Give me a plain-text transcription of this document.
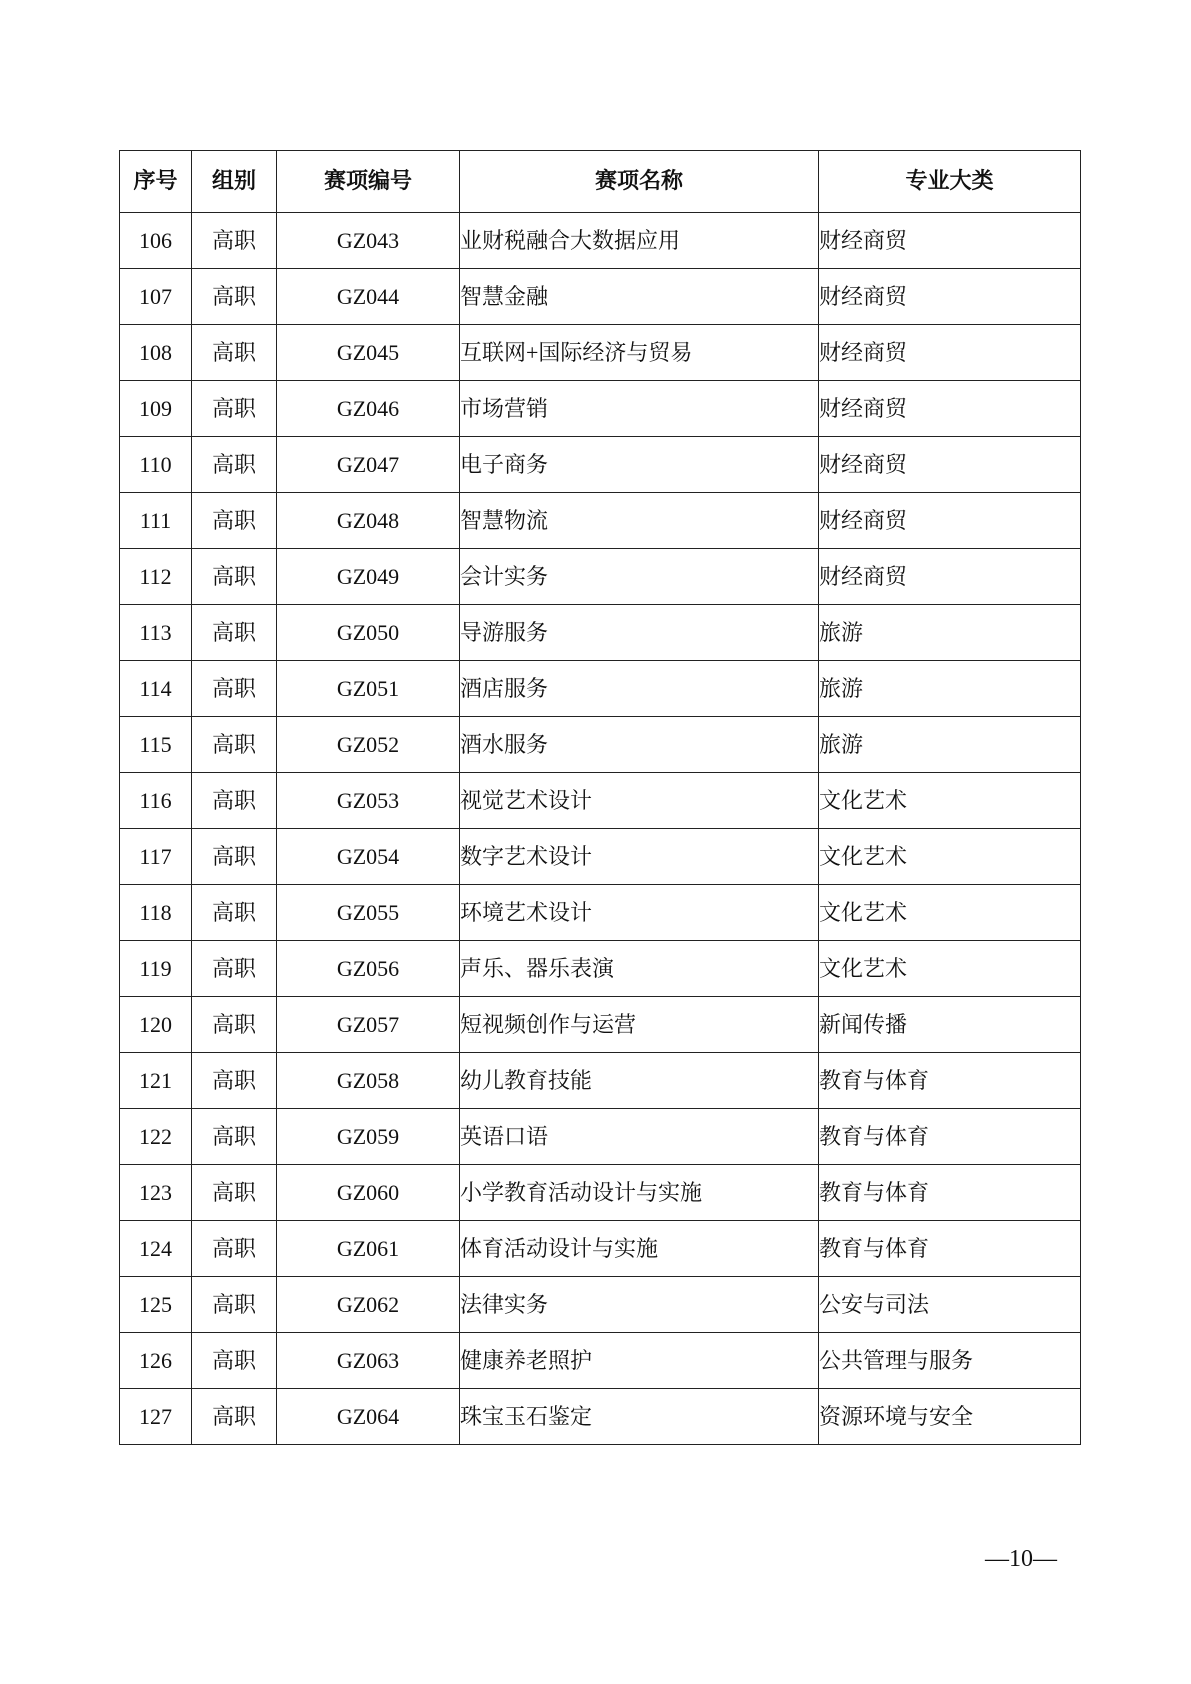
序号	组别	赛项编号	赛项名称	专业大类
106	高职	GZ043	业财税融合大数据应用	财经商贸
107	高职	GZ044	智慧金融	财经商贸
108	高职	GZ045	互联网+国际经济与贸易	财经商贸
109	高职	GZ046	市场营销	财经商贸
110	高职	GZ047	电子商务	财经商贸
111	高职	GZ048	智慧物流	财经商贸
112	高职	GZ049	会计实务	财经商贸
113	高职	GZ050	导游服务	旅游
114	高职	GZ051	酒店服务	旅游
115	高职	GZ052	酒水服务	旅游
116	高职	GZ053	视觉艺术设计	文化艺术
117	高职	GZ054	数字艺术设计	文化艺术
118	高职	GZ055	环境艺术设计	文化艺术
119	高职	GZ056	声乐、器乐表演	文化艺术
120	高职	GZ057	短视频创作与运营	新闻传播
121	高职	GZ058	幼儿教育技能	教育与体育
122	高职	GZ059	英语口语	教育与体育
123	高职	GZ060	小学教育活动设计与实施	教育与体育
124	高职	GZ061	体育活动设计与实施	教育与体育
125	高职	GZ062	法律实务	公安与司法
126	高职	GZ063	健康养老照护	公共管理与服务
127	高职	GZ064	珠宝玉石鉴定	资源环境与安全
—10—
